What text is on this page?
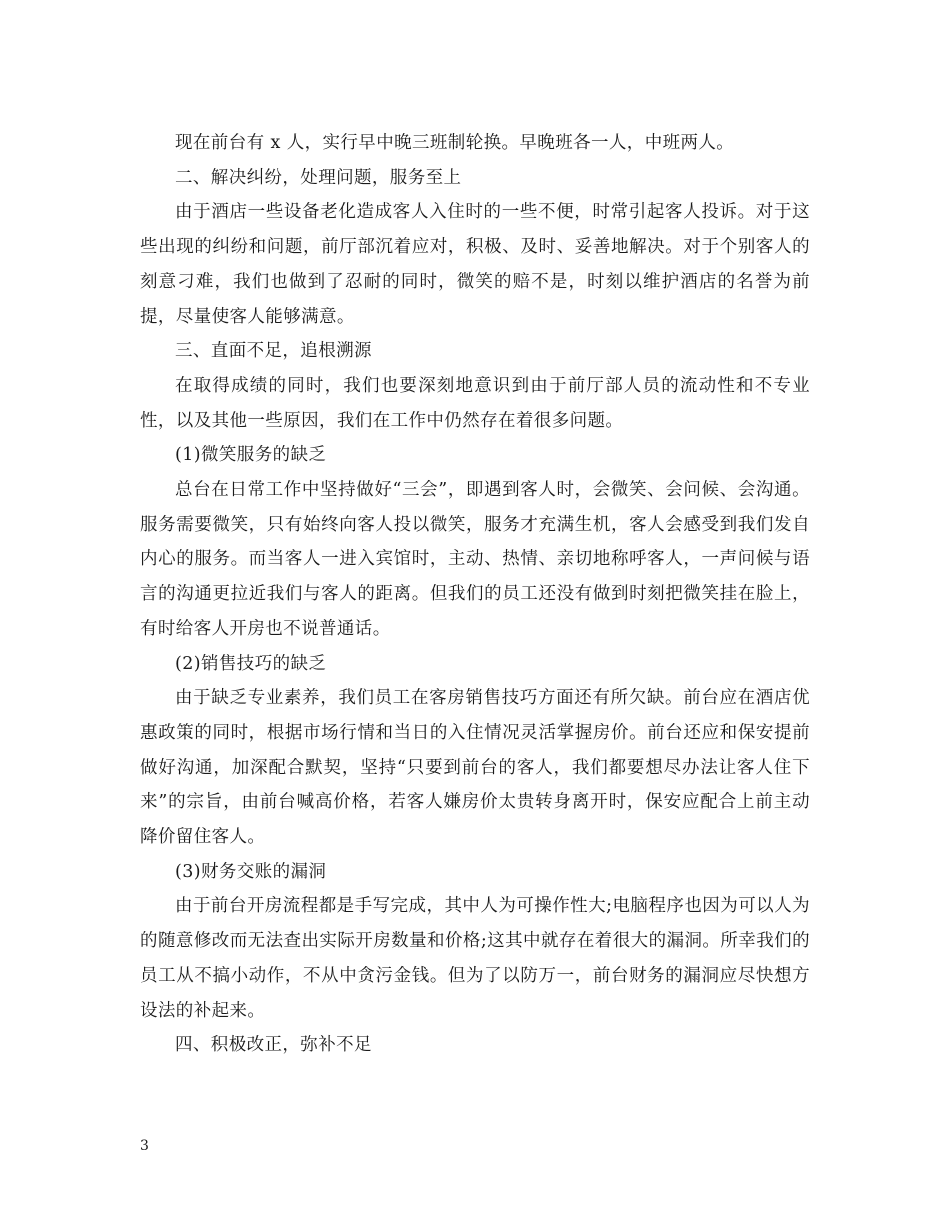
现在前台有 x 人，实行早中晚三班制轮换。早晚班各一人，中班两人。

二、解决纠纷，处理问题，服务至上

由于酒店一些设备老化造成客人入住时的一些不便，时常引起客人投诉。对于这些出现的纠纷和问题，前厅部沉着应对，积极、及时、妥善地解决。对于个别客人的刻意刁难，我们也做到了忍耐的同时，微笑的赔不是，时刻以维护酒店的名誉为前提，尽量使客人能够满意。

三、直面不足，追根溯源

在取得成绩的同时，我们也要深刻地意识到由于前厅部人员的流动性和不专业性，以及其他一些原因，我们在工作中仍然存在着很多问题。

(1)微笑服务的缺乏

总台在日常工作中坚持做好“三会”，即遇到客人时，会微笑、会问候、会沟通。服务需要微笑，只有始终向客人投以微笑，服务才充满生机，客人会感受到我们发自内心的服务。而当客人一进入宾馆时，主动、热情、亲切地称呼客人，一声问候与语言的沟通更拉近我们与客人的距离。但我们的员工还没有做到时刻把微笑挂在脸上，有时给客人开房也不说普通话。

(2)销售技巧的缺乏

由于缺乏专业素养，我们员工在客房销售技巧方面还有所欠缺。前台应在酒店优惠政策的同时，根据市场行情和当日的入住情况灵活掌握房价。前台还应和保安提前做好沟通，加深配合默契，坚持“只要到前台的客人，我们都要想尽办法让客人住下来”的宗旨，由前台喊高价格，若客人嫌房价太贵转身离开时，保安应配合上前主动降价留住客人。

(3)财务交账的漏洞

由于前台开房流程都是手写完成，其中人为可操作性大;电脑程序也因为可以人为的随意修改而无法查出实际开房数量和价格;这其中就存在着很大的漏洞。所幸我们的员工从不搞小动作，不从中贪污金钱。但为了以防万一，前台财务的漏洞应尽快想方设法的补起来。

四、积极改正，弥补不足

3
